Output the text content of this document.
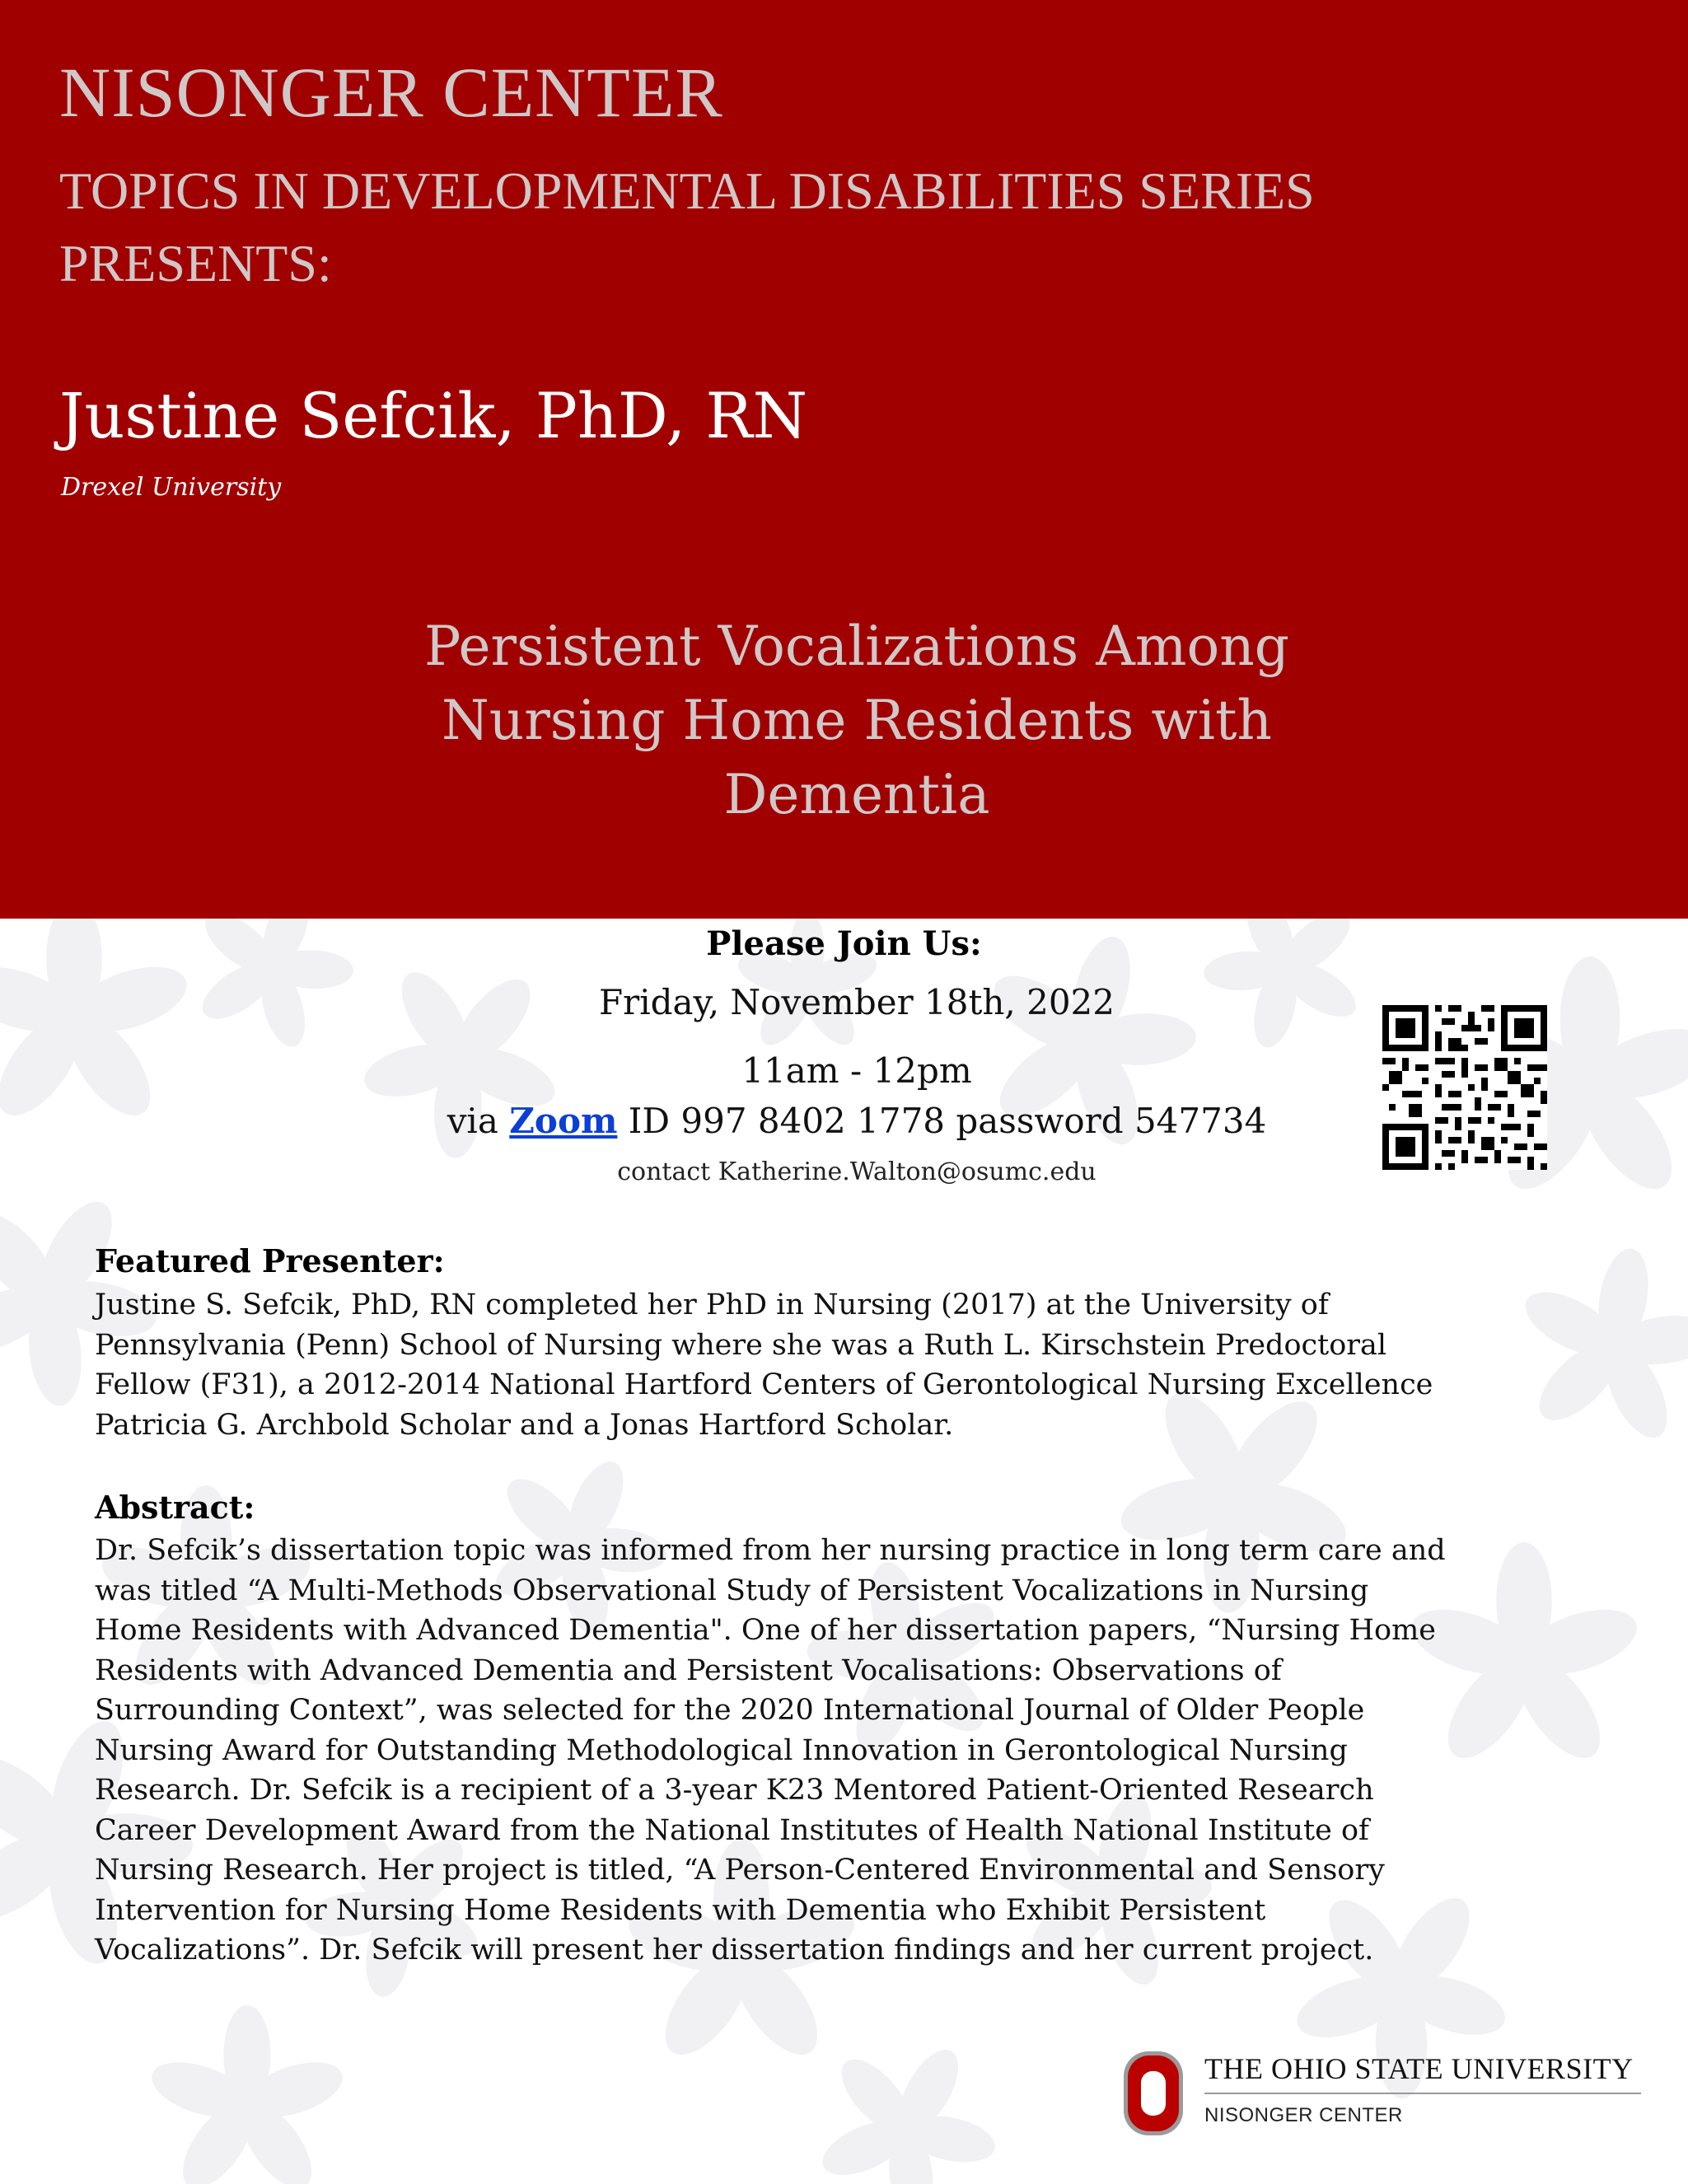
NISONGER CENTER
TOPICS IN DEVELOPMENTAL DISABILITIES SERIES
PRESENTS:
Justine Sefcik, PhD, RN
Drexel University
Persistent Vocalizations Among
Nursing Home Residents with
Dementia
Please Join Us:
Friday, November 18th, 2022
11am - 12pm
via Zoom ID 997 8402 1778 password 547734
contact Katherine.Walton@osumc.edu
Featured Presenter:
Justine S. Sefcik, PhD, RN completed her PhD in Nursing (2017) at the University of
Pennsylvania (Penn) School of Nursing where she was a Ruth L. Kirschstein Predoctoral
Fellow (F31), a 2012-2014 National Hartford Centers of Gerontological Nursing Excellence
Patricia G. Archbold Scholar and a Jonas Hartford Scholar.
Abstract:
Dr. Sefcik’s dissertation topic was informed from her nursing practice in long term care and
was titled “A Multi-Methods Observational Study of Persistent Vocalizations in Nursing
Home Residents with Advanced Dementia". One of her dissertation papers, “Nursing Home
Residents with Advanced Dementia and Persistent Vocalisations: Observations of
Surrounding Context”, was selected for the 2020 International Journal of Older People
Nursing Award for Outstanding Methodological Innovation in Gerontological Nursing
Research. Dr. Sefcik is a recipient of a 3-year K23 Mentored Patient-Oriented Research
Career Development Award from the National Institutes of Health National Institute of
Nursing Research. Her project is titled, “A Person-Centered Environmental and Sensory
Intervention for Nursing Home Residents with Dementia who Exhibit Persistent
Vocalizations”. Dr. Sefcik will present her dissertation findings and her current project.
THE OHIO STATE UNIVERSITY
NISONGER CENTER
